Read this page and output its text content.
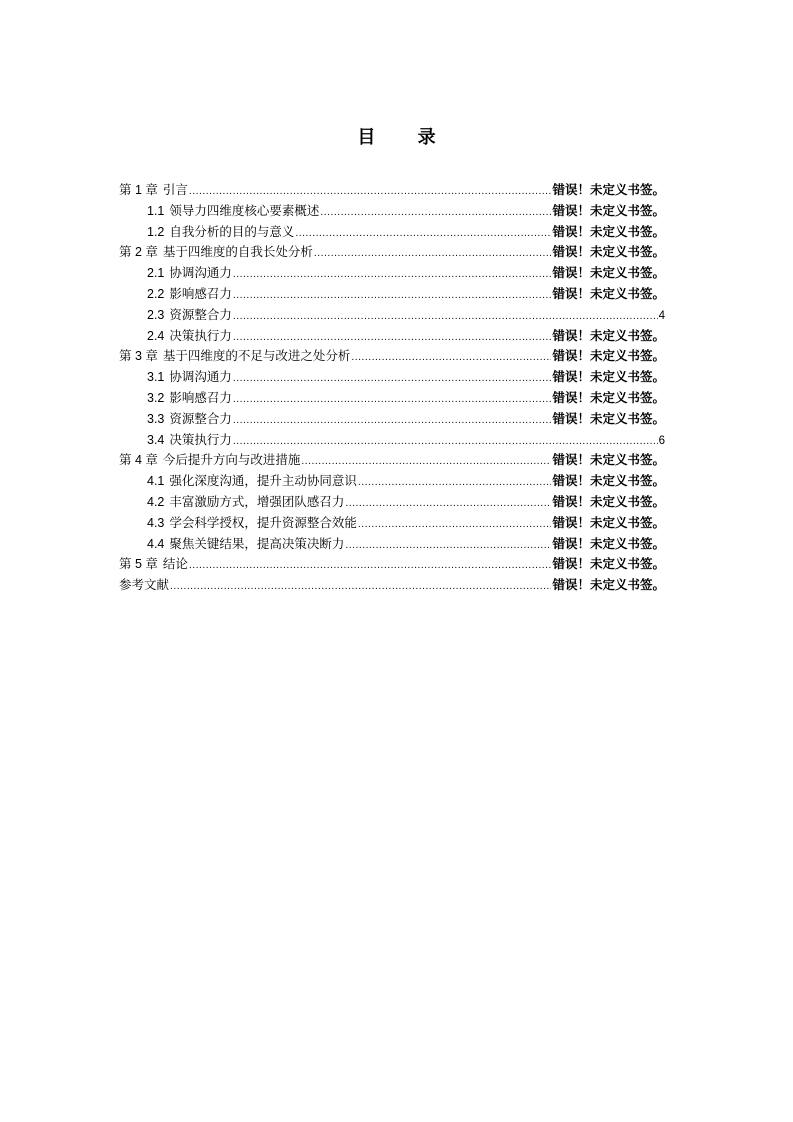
目 录
第 1 章 引言 .....	错误！未定义书签。
1.1 领导力四维度核心要素概述 .....	错误！未定义书签。
1.2 自我分析的目的与意义 .....	错误！未定义书签。
第 2 章 基于四维度的自我长处分析 .....	错误！未定义书签。
2.1 协调沟通力 .....	错误！未定义书签。
2.2 影响感召力 .....	错误！未定义书签。
2.3 资源整合力 .....	4
2.4 决策执行力 .....	错误！未定义书签。
第 3 章 基于四维度的不足与改进之处分析 .....	错误！未定义书签。
3.1 协调沟通力 .....	错误！未定义书签。
3.2 影响感召力 .....	错误！未定义书签。
3.3 资源整合力 .....	错误！未定义书签。
3.4 决策执行力 .....	6
第 4 章 今后提升方向与改进措施 .....	错误！未定义书签。
4.1 强化深度沟通，提升主动协同意识 .....	错误！未定义书签。
4.2 丰富激励方式，增强团队感召力 .....	错误！未定义书签。
4.3 学会科学授权，提升资源整合效能 .....	错误！未定义书签。
4.4 聚焦关键结果，提高决策决断力 .....	错误！未定义书签。
第 5 章 结论 .....	错误！未定义书签。
参考文献 .....	错误！未定义书签。
